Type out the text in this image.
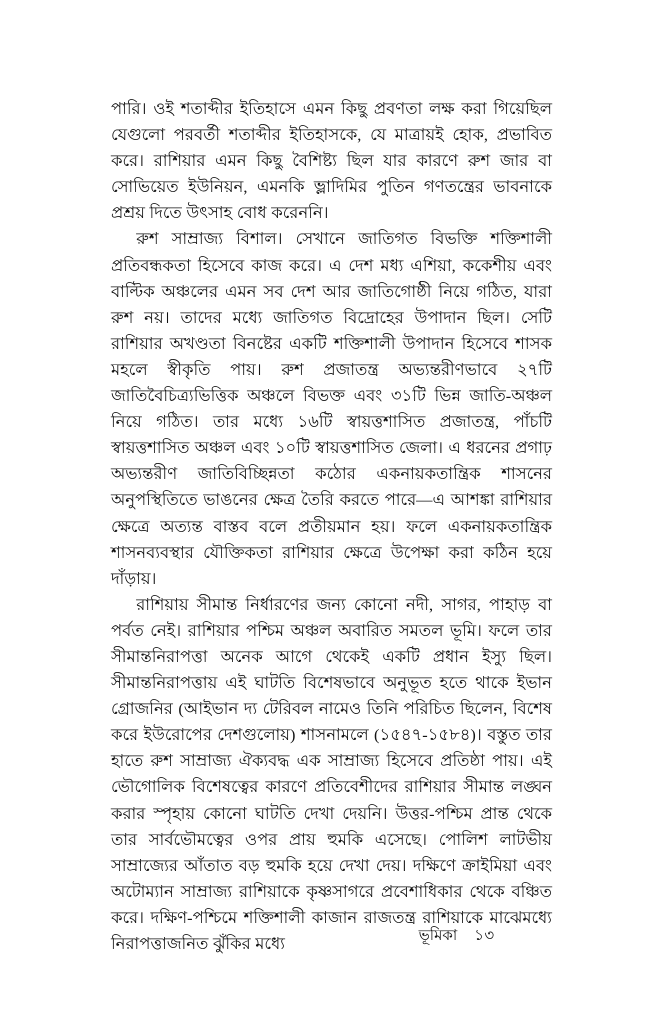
পারি। ওই শতাব্দীর ইতিহাসে এমন কিছু প্রবণতা লক্ষ করা গিয়েছিল যেগুলো পরবর্তী শতাব্দীর ইতিহাসকে, যে মাত্রায়ই হোক, প্রভাবিত করে। রাশিয়ার এমন কিছু বৈশিষ্ট্য ছিল যার কারণে রুশ জার বা সোভিয়েত ইউনিয়ন, এমনকি ভ্লাদিমির পুতিন গণতন্ত্রের ভাবনাকে প্রশ্রয় দিতে উৎসাহ বোধ করেননি।

রুশ সাম্রাজ্য বিশাল। সেখানে জাতিগত বিভক্তি শক্তিশালী প্রতিবন্ধকতা হিসেবে কাজ করে। এ দেশ মধ্য এশিয়া, ককেশীয় এবং বাল্টিক অঞ্চলের এমন সব দেশ আর জাতিগোষ্ঠী নিয়ে গঠিত, যারা রুশ নয়। তাদের মধ্যে জাতিগত বিদ্রোহের উপাদান ছিল। সেটি রাশিয়ার অখণ্ডতা বিনষ্টের একটি শক্তিশালী উপাদান হিসেবে শাসক মহলে স্বীকৃতি পায়। রুশ প্রজাতন্ত্র অভ্যন্তরীণভাবে ২৭টি জাতিবৈচিত্র্যভিত্তিক অঞ্চলে বিভক্ত এবং ৩১টি ভিন্ন জাতি-অঞ্চল নিয়ে গঠিত। তার মধ্যে ১৬টি স্বায়ত্তশাসিত প্রজাতন্ত্র, পাঁচটি স্বায়ত্তশাসিত অঞ্চল এবং ১০টি স্বায়ত্তশাসিত জেলা। এ ধরনের প্রগাঢ় অভ্যন্তরীণ জাতিবিচ্ছিন্নতা কঠোর একনায়কতান্ত্রিক শাসনের অনুপস্থিতিতে ভাঙনের ক্ষেত্র তৈরি করতে পারে—এ আশঙ্কা রাশিয়ার ক্ষেত্রে অত্যন্ত বাস্তব বলে প্রতীয়মান হয়। ফলে একনায়কতান্ত্রিক শাসনব্যবস্থার যৌক্তিকতা রাশিয়ার ক্ষেত্রে উপেক্ষা করা কঠিন হয়ে দাঁড়ায়।

রাশিয়ায় সীমান্ত নির্ধারণের জন্য কোনো নদী, সাগর, পাহাড় বা পর্বত নেই। রাশিয়ার পশ্চিম অঞ্চল অবারিত সমতল ভূমি। ফলে তার সীমান্তনিরাপত্তা অনেক আগে থেকেই একটি প্রধান ইস্যু ছিল। সীমান্তনিরাপত্তায় এই ঘাটতি বিশেষভাবে অনুভূত হতে থাকে ইভান গ্রোজনির (আইভান দ্য টেরিবল নামেও তিনি পরিচিত ছিলেন, বিশেষ করে ইউরোপের দেশগুলোয়) শাসনামলে (১৫৪৭-১৫৮৪)। বস্তুত তার হাতে রুশ সাম্রাজ্য ঐক্যবদ্ধ এক সাম্রাজ্য হিসেবে প্রতিষ্ঠা পায়। এই ভৌগোলিক বিশেষত্বের কারণে প্রতিবেশীদের রাশিয়ার সীমান্ত লঙ্ঘন করার স্পৃহায় কোনো ঘাটতি দেখা দেয়নি। উত্তর-পশ্চিম প্রান্ত থেকে তার সার্বভৌমত্বের ওপর প্রায় হুমকি এসেছে। পোলিশ লাটভীয় সাম্রাজ্যের আঁতাত বড় হুমকি হয়ে দেখা দেয়। দক্ষিণে ক্রাইমিয়া এবং অটোম্যান সাম্রাজ্য রাশিয়াকে কৃষ্ণসাগরে প্রবেশাধিকার থেকে বঞ্চিত করে। দক্ষিণ-পশ্চিমে শক্তিশালী কাজান রাজতন্ত্র রাশিয়াকে মাঝেমধ্যে নিরাপত্তাজনিত ঝুঁকির মধ্যে	ভূমিকা ১৩
